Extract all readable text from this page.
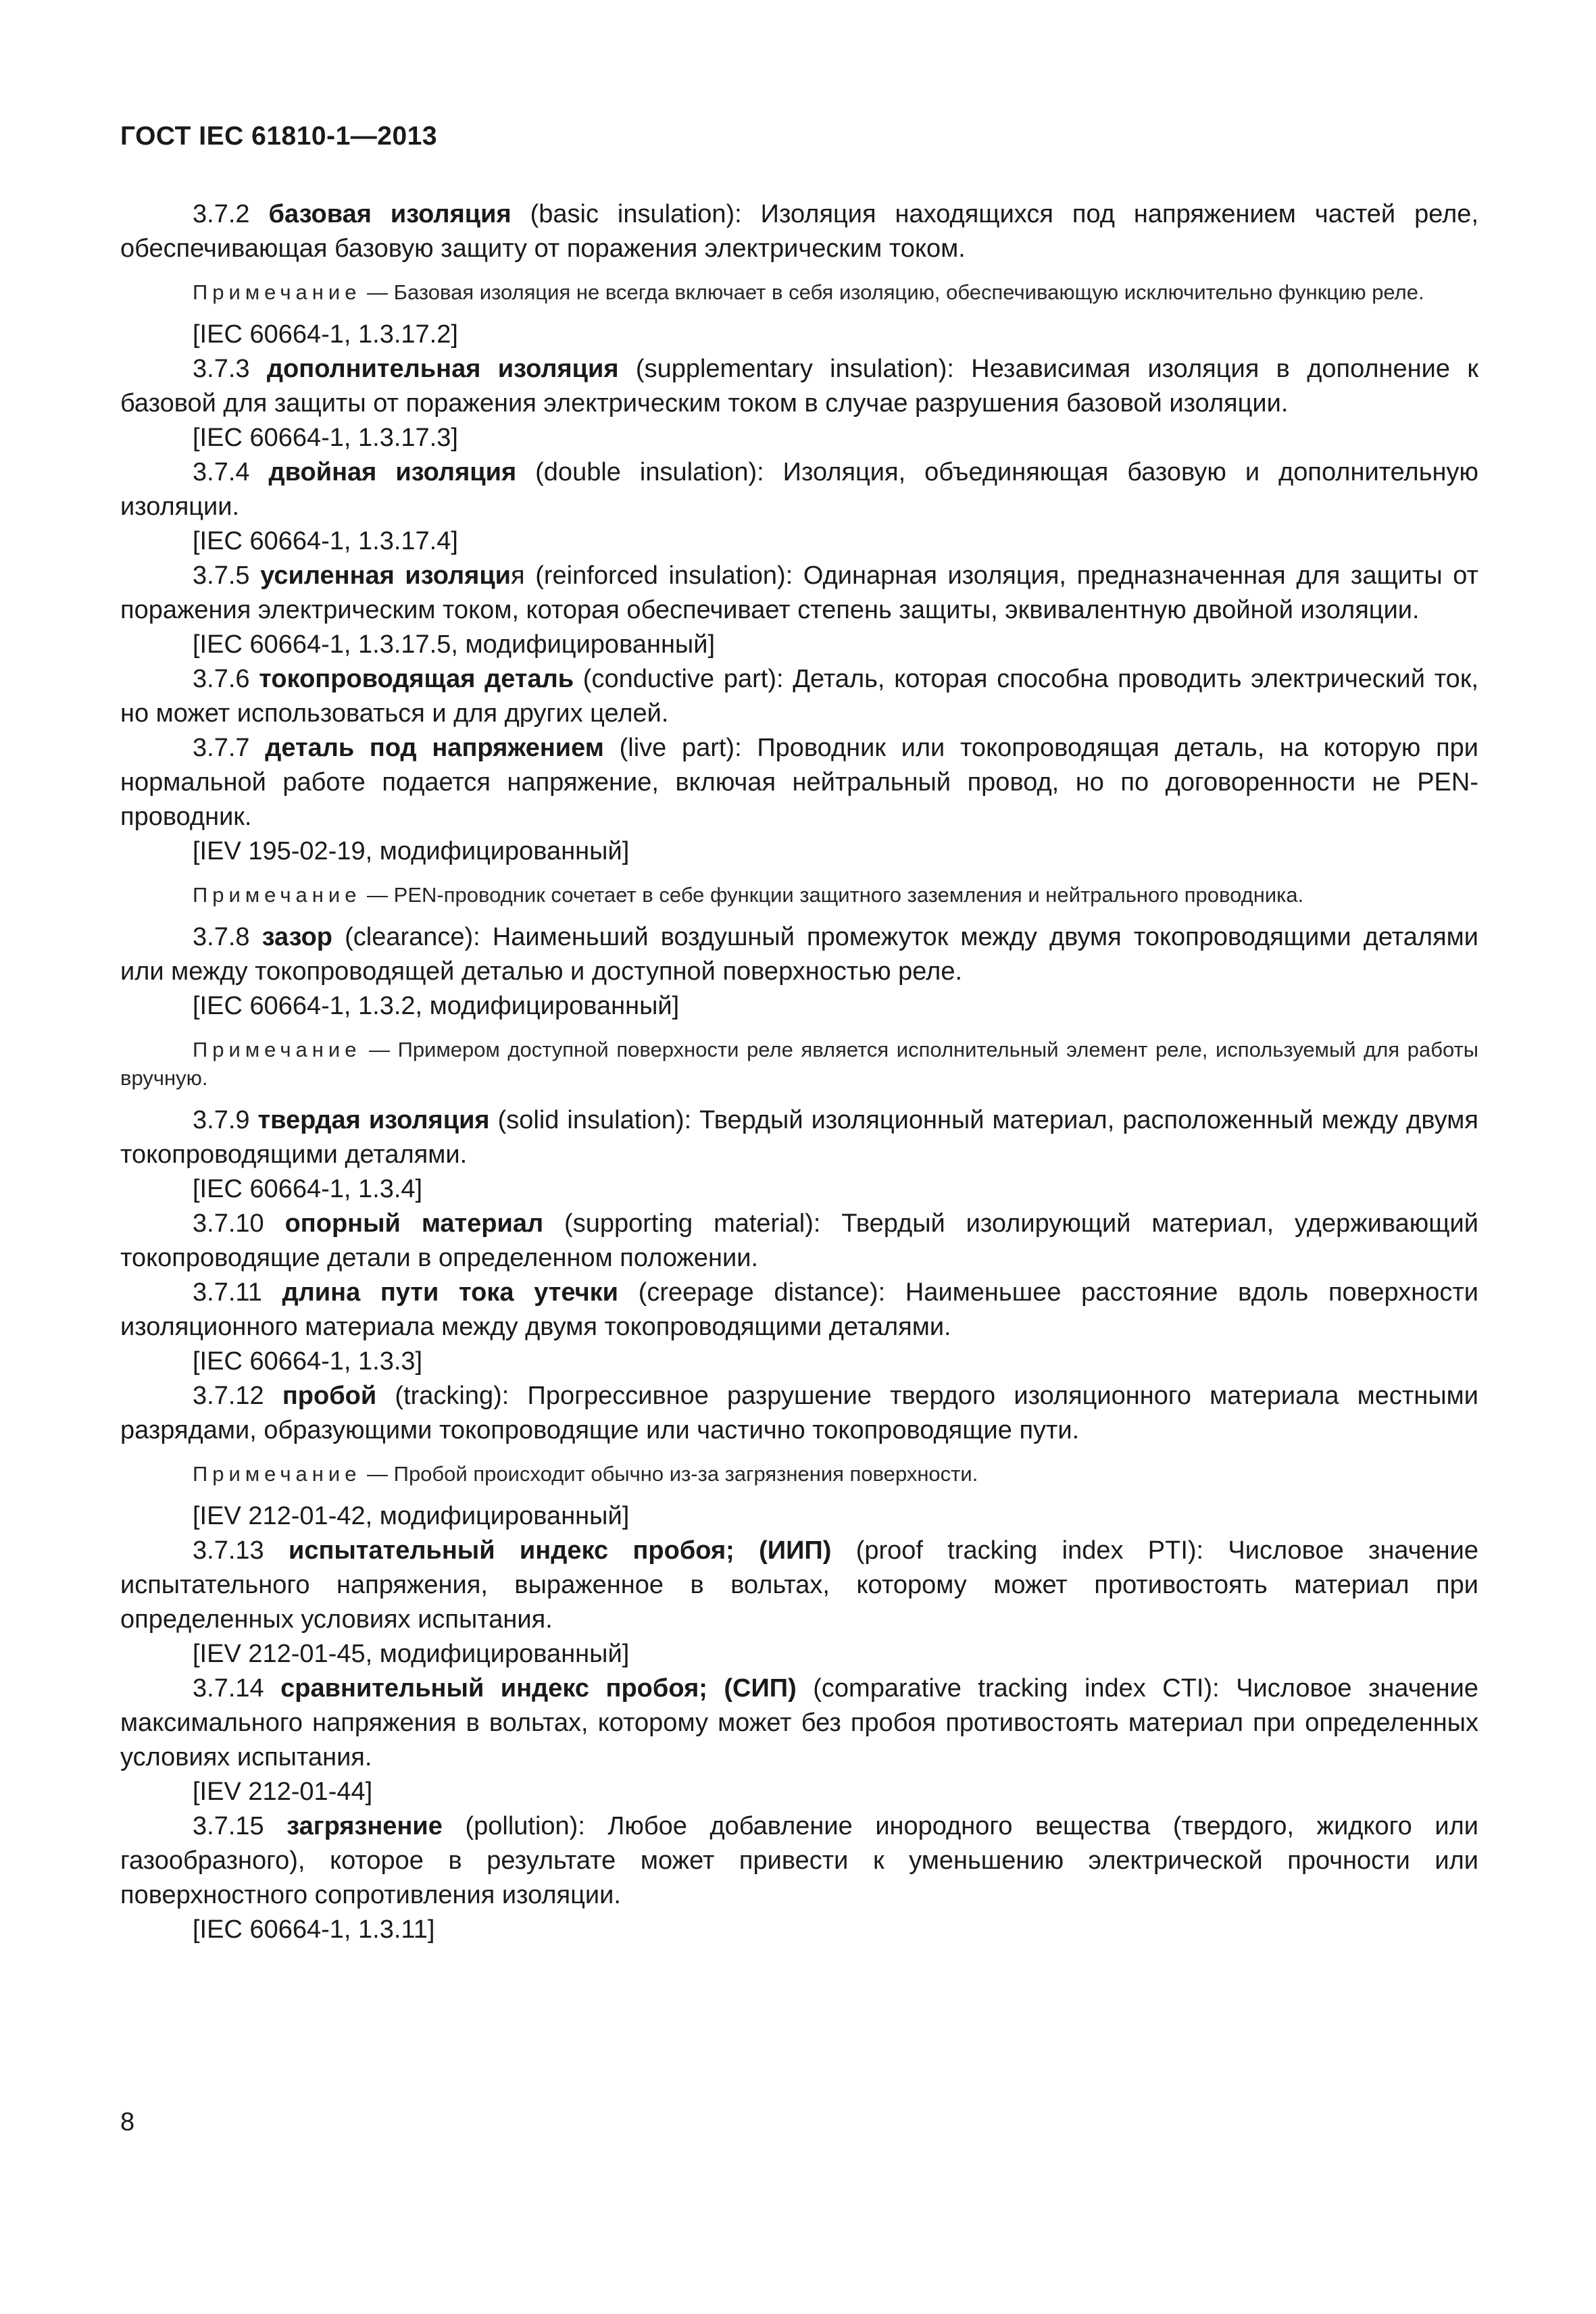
ГОСТ IEC 61810-1—2013

3.7.2 базовая изоляция (basic insulation): Изоляция находящихся под напряжением частей реле, обеспечивающая базовую защиту от поражения электрическим током.

Примечание — Базовая изоляция не всегда включает в себя изоляцию, обеспечивающую исключительно функцию реле.

[IEC 60664-1, 1.3.17.2]

3.7.3 дополнительная изоляция (supplementary insulation): Независимая изоляция в дополнение к базовой для защиты от поражения электрическим током в случае разрушения базовой изоляции.

[IEC 60664-1, 1.3.17.3]

3.7.4 двойная изоляция (double insulation): Изоляция, объединяющая базовую и дополнительную изоляции.

[IEC 60664-1, 1.3.17.4]

3.7.5 усиленная изоляция (reinforced insulation): Одинарная изоляция, предназначенная для защиты от поражения электрическим током, которая обеспечивает степень защиты, эквивалентную двойной изоляции.

[IEC 60664-1, 1.3.17.5, модифицированный]

3.7.6 токопроводящая деталь (conductive part): Деталь, которая способна проводить электрический ток, но может использоваться и для других целей.

3.7.7 деталь под напряжением (live part): Проводник или токопроводящая деталь, на которую при нормальной работе подается напряжение, включая нейтральный провод, но по договоренности не PEN-проводник.

[IEV 195-02-19, модифицированный]

Примечание — PEN-проводник сочетает в себе функции защитного заземления и нейтрального проводника.

3.7.8 зазор (clearance): Наименьший воздушный промежуток между двумя токопроводящими деталями или между токопроводящей деталью и доступной поверхностью реле.

[IEC 60664-1, 1.3.2, модифицированный]

Примечание — Примером доступной поверхности реле является исполнительный элемент реле, используемый для работы вручную.

3.7.9 твердая изоляция (solid insulation): Твердый изоляционный материал, расположенный между двумя токопроводящими деталями.

[IEC 60664-1, 1.3.4]

3.7.10 опорный материал (supporting material): Твердый изолирующий материал, удерживающий токопроводящие детали в определенном положении.

3.7.11 длина пути тока утечки (creepage distance): Наименьшее расстояние вдоль поверхности изоляционного материала между двумя токопроводящими деталями.

[IEC 60664-1, 1.3.3]

3.7.12 пробой (tracking): Прогрессивное разрушение твердого изоляционного материала местными разрядами, образующими токопроводящие или частично токопроводящие пути.

Примечание — Пробой происходит обычно из-за загрязнения поверхности.

[IEV 212-01-42, модифицированный]

3.7.13 испытательный индекс пробоя; (ИИП) (proof tracking index PTI): Числовое значение испытательного напряжения, выраженное в вольтах, которому может противостоять материал при определенных условиях испытания.

[IEV 212-01-45, модифицированный]

3.7.14 сравнительный индекс пробоя; (СИП) (comparative tracking index CTI): Числовое значение максимального напряжения в вольтах, которому может без пробоя противостоять материал при определенных условиях испытания.

[IEV 212-01-44]

3.7.15 загрязнение (pollution): Любое добавление инородного вещества (твердого, жидкого или газообразного), которое в результате может привести к уменьшению электрической прочности или поверхностного сопротивления изоляции.

[IEC 60664-1, 1.3.11]

8
